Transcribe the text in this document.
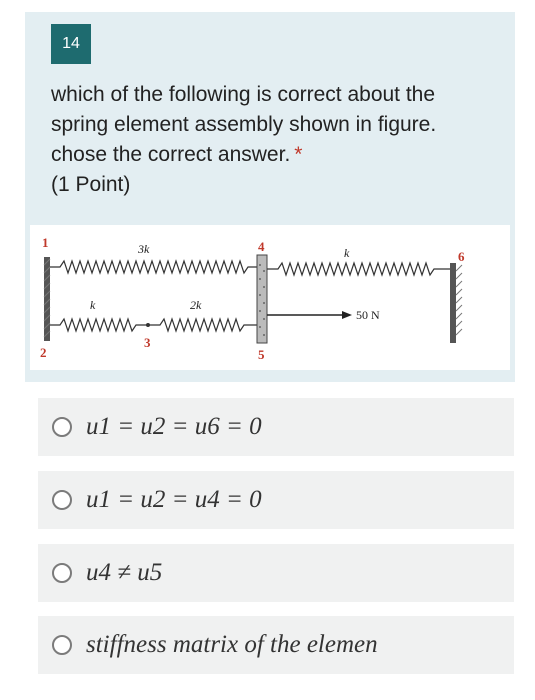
14
which of the following is correct about the spring element assembly shown in figure. chose the correct answer. *
(1 Point)
1
2
3
4
5
6
3k
k	2k
k
50 N
u1 = u2 = u6 = 0
u1 = u2 = u4 = 0
u4 ≠ u5
stiffness matrix of the elemen
